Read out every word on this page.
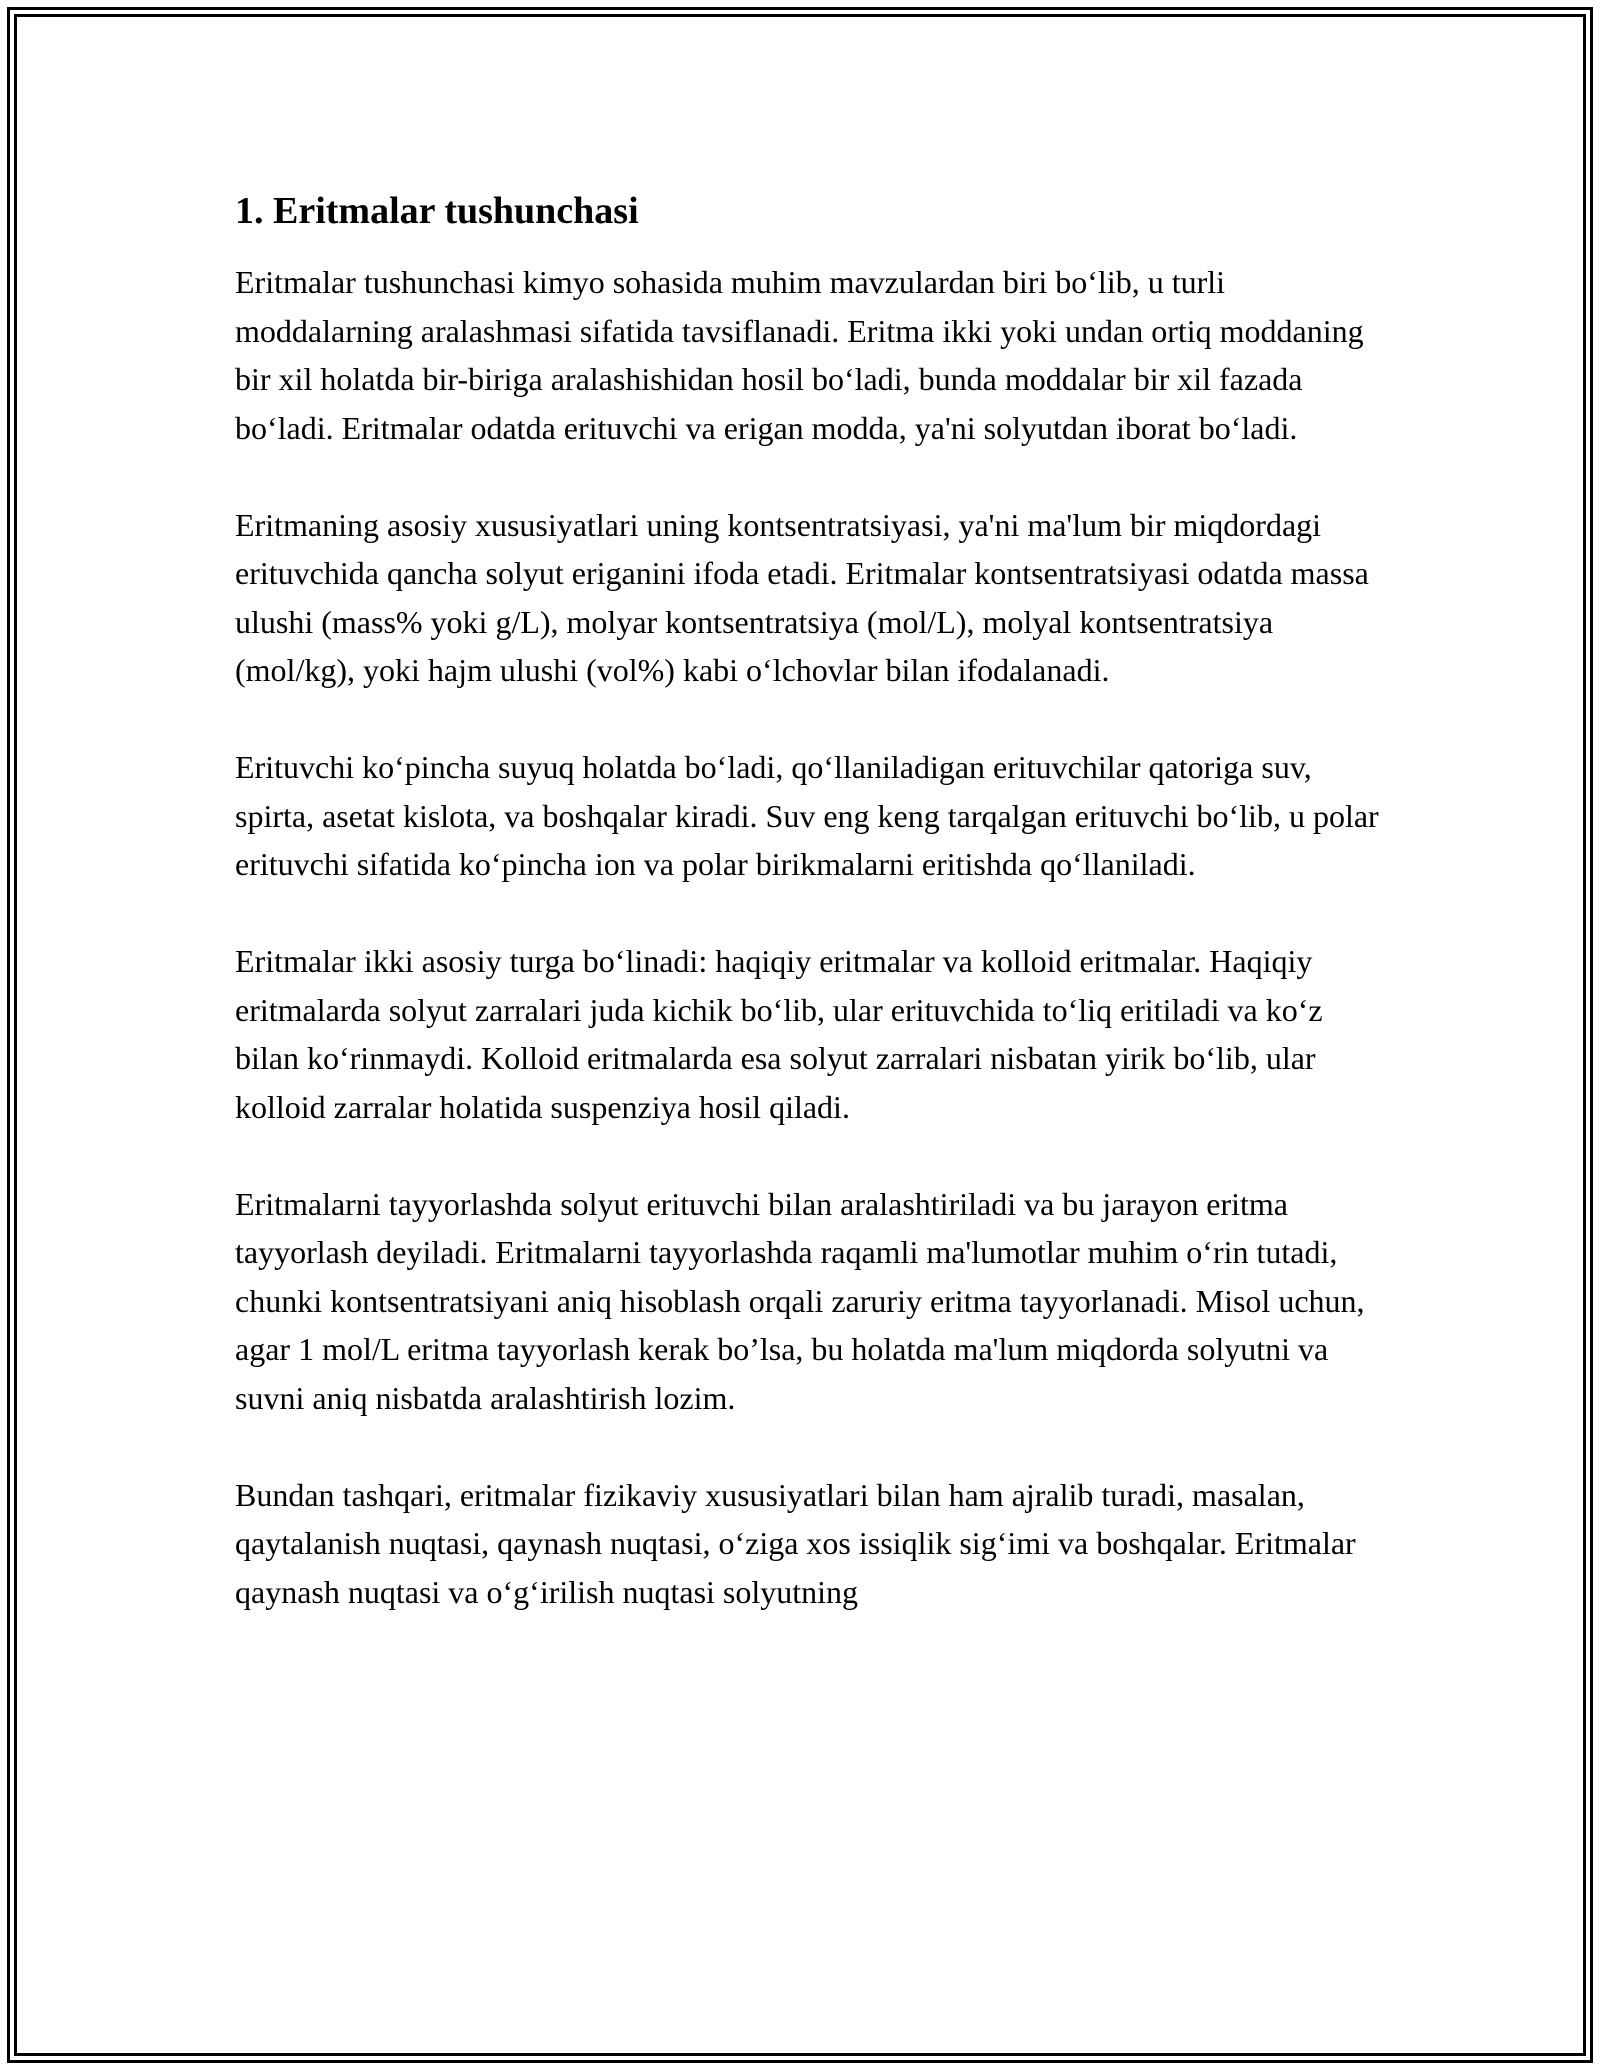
1. Eritmalar tushunchasi

Eritmalar tushunchasi kimyo sohasida muhim mavzulardan biri boʻlib, u turli moddalarning aralashmasi sifatida tavsiflanadi. Eritma ikki yoki undan ortiq moddaning bir xil holatda bir-biriga aralashishidan hosil boʻladi, bunda moddalar bir xil fazada boʻladi. Eritmalar odatda erituvchi va erigan modda, ya'ni solyutdan iborat boʻladi.

Eritmaning asosiy xususiyatlari uning kontsentratsiyasi, ya'ni ma'lum bir miqdordagi erituvchida qancha solyut eriganini ifoda etadi. Eritmalar kontsentratsiyasi odatda massa ulushi (mass% yoki g/L), molyar kontsentratsiya (mol/L), molyal kontsentratsiya (mol/kg), yoki hajm ulushi (vol%) kabi oʻlchovlar bilan ifodalanadi.

Erituvchi koʻpincha suyuq holatda boʻladi, qoʻllaniladigan erituvchilar qatoriga suv, spirta, asetat kislota, va boshqalar kiradi. Suv eng keng tarqalgan erituvchi boʻlib, u polar erituvchi sifatida koʻpincha ion va polar birikmalarni eritishda qoʻllaniladi.

Eritmalar ikki asosiy turga boʻlinadi: haqiqiy eritmalar va kolloid eritmalar. Haqiqiy eritmalarda solyut zarralari juda kichik boʻlib, ular erituvchida toʻliq eritiladi va koʻz bilan koʻrinmaydi. Kolloid eritmalarda esa solyut zarralari nisbatan yirik boʻlib, ular kolloid zarralar holatida suspenziya hosil qiladi.

Eritmalarni tayyorlashda solyut erituvchi bilan aralashtiriladi va bu jarayon eritma tayyorlash deyiladi. Eritmalarni tayyorlashda raqamli ma'lumotlar muhim oʻrin tutadi, chunki kontsentratsiyani aniq hisoblash orqali zaruriy eritma tayyorlanadi. Misol uchun, agar 1 mol/L eritma tayyorlash kerak boʼlsa, bu holatda ma'lum miqdorda solyutni va suvni aniq nisbatda aralashtirish lozim.

Bundan tashqari, eritmalar fizikaviy xususiyatlari bilan ham ajralib turadi, masalan, qaytalanish nuqtasi, qaynash nuqtasi, oʻziga xos issiqlik sigʻimi va boshqalar. Eritmalar qaynash nuqtasi va oʻgʻirilish nuqtasi solyutning
